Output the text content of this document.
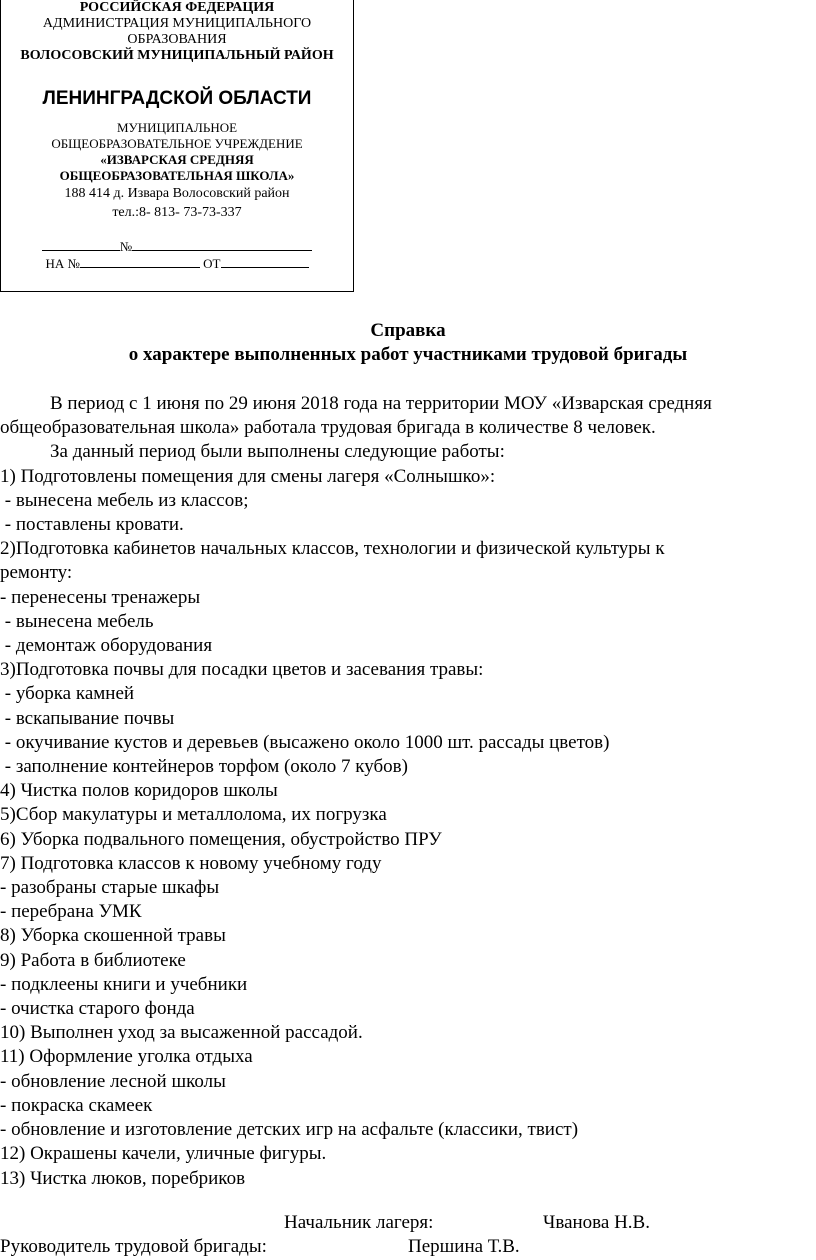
РОССИЙСКАЯ ФЕДЕРАЦИЯ
АДМИНИСТРАЦИЯ МУНИЦИПАЛЬНОГО
ОБРАЗОВАНИЯ
ВОЛОСОВСКИЙ МУНИЦИПАЛЬНЫЙ РАЙОН
ЛЕНИНГРАДСКОЙ ОБЛАСТИ
МУНИЦИПАЛЬНОЕ
ОБЩЕОБРАЗОВАТЕЛЬНОЕ УЧРЕЖДЕНИЕ
«ИЗВАРСКАЯ СРЕДНЯЯ
ОБЩЕОБРАЗОВАТЕЛЬНАЯ ШКОЛА»
188 414 д. Извара Волосовский район
тел.:8- 813- 73-73-337
№
НА №	ОТ
Справка
о характере выполненных работ участниками трудовой бригады

В период с 1 июня по 29 июня 2018 года на территории МОУ «Изварская средняя

общеобразовательная школа» работала трудовая бригада в количестве 8 человек.

За данный период были выполнены следующие работы:

1) Подготовлены помещения для смены лагеря «Солнышко»:

- вынесена мебель из классов;

- поставлены кровати.

2)Подготовка кабинетов начальных классов, технологии и физической культуры к

ремонту:

- перенесены тренажеры

- вынесена мебель

- демонтаж оборудования

3)Подготовка почвы для посадки цветов и засевания травы:

- уборка камней

- вскапывание почвы

- окучивание кустов и деревьев (высажено около 1000 шт. рассады цветов)

- заполнение контейнеров торфом (около 7 кубов)

4) Чистка полов коридоров школы

5)Сбор макулатуры и металлолома, их погрузка

6) Уборка подвального помещения, обустройство ПРУ

7) Подготовка классов к новому учебному году

- разобраны старые шкафы

- перебрана УМК

8) Уборка скошенной травы

9) Работа в библиотеке

- подклеены книги и учебники

- очистка старого фонда

10) Выполнен уход за высаженной рассадой.

11) Оформление уголка отдыха

- обновление лесной школы

- покраска скамеек

- обновление и изготовление детских игр на асфальте (классики, твист)

12) Окрашены качели, уличные фигуры.

13) Чистка люков, поребриков

Начальник лагеря:	Чванова Н.В.
Руководитель трудовой бригады:	Першина Т.В.
